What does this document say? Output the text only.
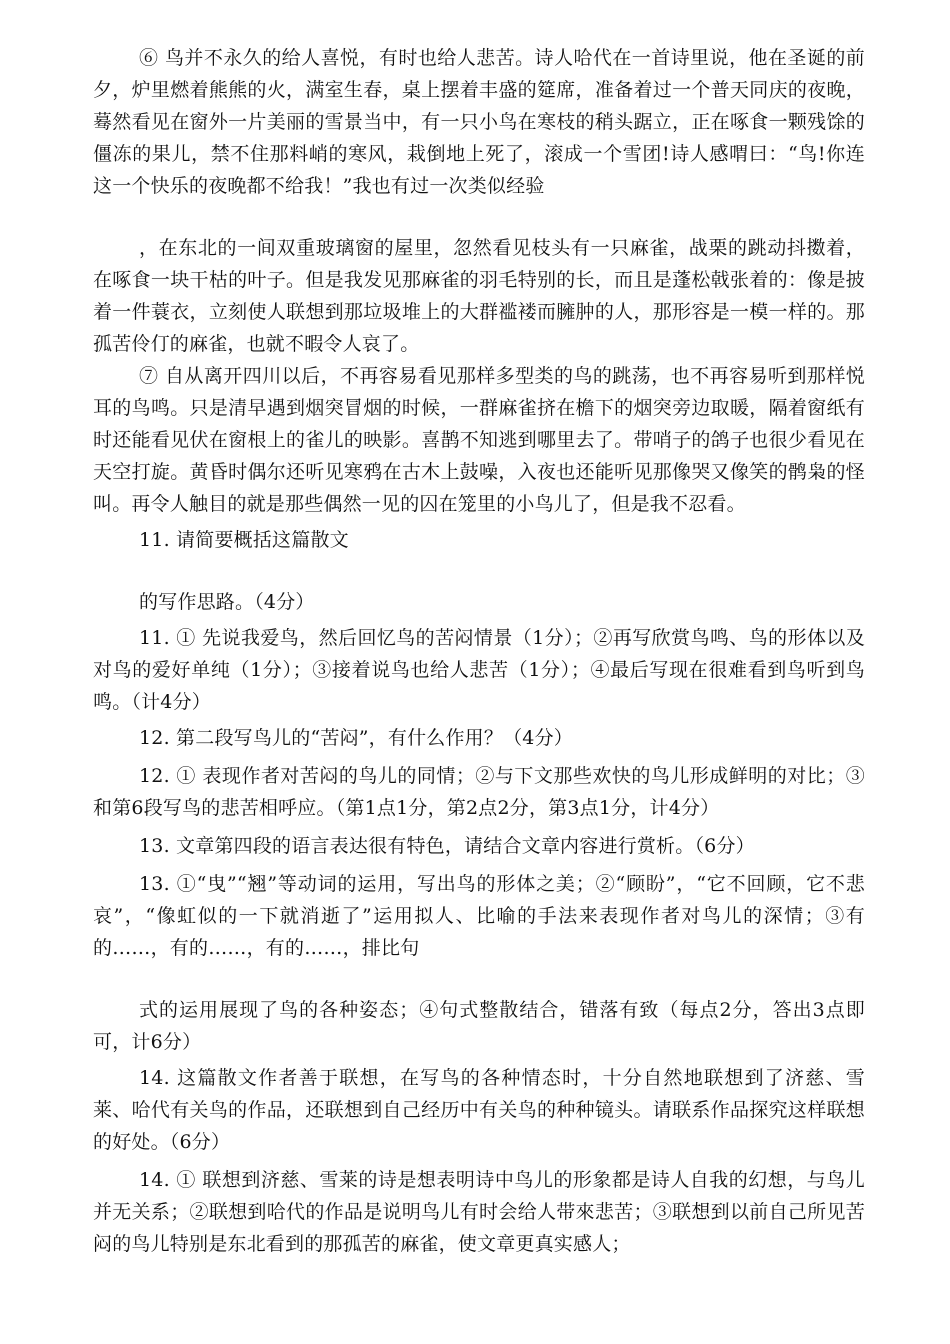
⑥ 鸟并不永久的给人喜悦，有时也给人悲苦。诗人哈代在一首诗里说，他在圣诞的前夕，炉里燃着熊熊的火，满室生春，桌上摆着丰盛的筵席，准备着过一个普天同庆的夜晚，蓦然看见在窗外一片美丽的雪景当中，有一只小鸟在寒枝的稍头踞立，正在啄食一颗残馀的僵冻的果儿，禁不住那料峭的寒风，栽倒地上死了，滚成一个雪团!诗人感喟曰：“鸟!你连这一个快乐的夜晚都不给我！”我也有过一次类似经验

，在东北的一间双重玻璃窗的屋里，忽然看见枝头有一只麻雀，战栗的跳动抖擞着，在啄食一块干枯的叶子。但是我发见那麻雀的羽毛特别的长，而且是蓬松戟张着的：像是披着一件蓑衣，立刻使人联想到那垃圾堆上的大群褴褛而臃肿的人，那形容是一模一样的。那孤苦伶仃的麻雀，也就不暇令人哀了。

⑦ 自从离开四川以后，不再容易看见那样多型类的鸟的跳荡，也不再容易听到那样悦耳的鸟鸣。只是清早遇到烟突冒烟的时候，一群麻雀挤在檐下的烟突旁边取暖，隔着窗纸有时还能看见伏在窗根上的雀儿的映影。喜鹊不知逃到哪里去了。带哨子的鸽子也很少看见在天空打旋。黄昏时偶尔还听见寒鸦在古木上鼓噪，入夜也还能听见那像哭又像笑的鹘枭的怪叫。再令人触目的就是那些偶然一见的囚在笼里的小鸟儿了，但是我不忍看。

11. 请简要概括这篇散文

的写作思路。（4分）

11. ① 先说我爱鸟，然后回忆鸟的苦闷情景（1分）；②再写欣赏鸟鸣、鸟的形体以及对鸟的爱好单纯（1分）；③接着说鸟也给人悲苦（1分）；④最后写现在很难看到鸟听到鸟鸣。（计4分）

12. 第二段写鸟儿的“苦闷”，有什么作用？（4分）

12. ① 表现作者对苦闷的鸟儿的同情；②与下文那些欢快的鸟儿形成鲜明的对比；③和第6段写鸟的悲苦相呼应。（第1点1分，第2点2分，第3点1分，计4分）

13. 文章第四段的语言表达很有特色，请结合文章内容进行赏析。（6分）

13. ①“曳”“翘”等动词的运用，写出鸟的形体之美；②“顾盼”，“它不回顾，它不悲哀”，“像虹似的一下就消逝了”运用拟人、比喻的手法来表现作者对鸟儿的深情；③有的……，有的……，有的……，排比句

式的运用展现了鸟的各种姿态；④句式整散结合，错落有致（每点2分，答出3点即可，计6分）

14. 这篇散文作者善于联想，在写鸟的各种情态时，十分自然地联想到了济慈、雪莱、哈代有关鸟的作品，还联想到自己经历中有关鸟的种种镜头。请联系作品探究这样联想的好处。（6分）

14. ① 联想到济慈、雪莱的诗是想表明诗中鸟儿的形象都是诗人自我的幻想，与鸟儿并无关系；②联想到哈代的作品是说明鸟儿有时会给人带來悲苦；③联想到以前自己所见苦闷的鸟儿特别是东北看到的那孤苦的麻雀，使文章更真实感人；
